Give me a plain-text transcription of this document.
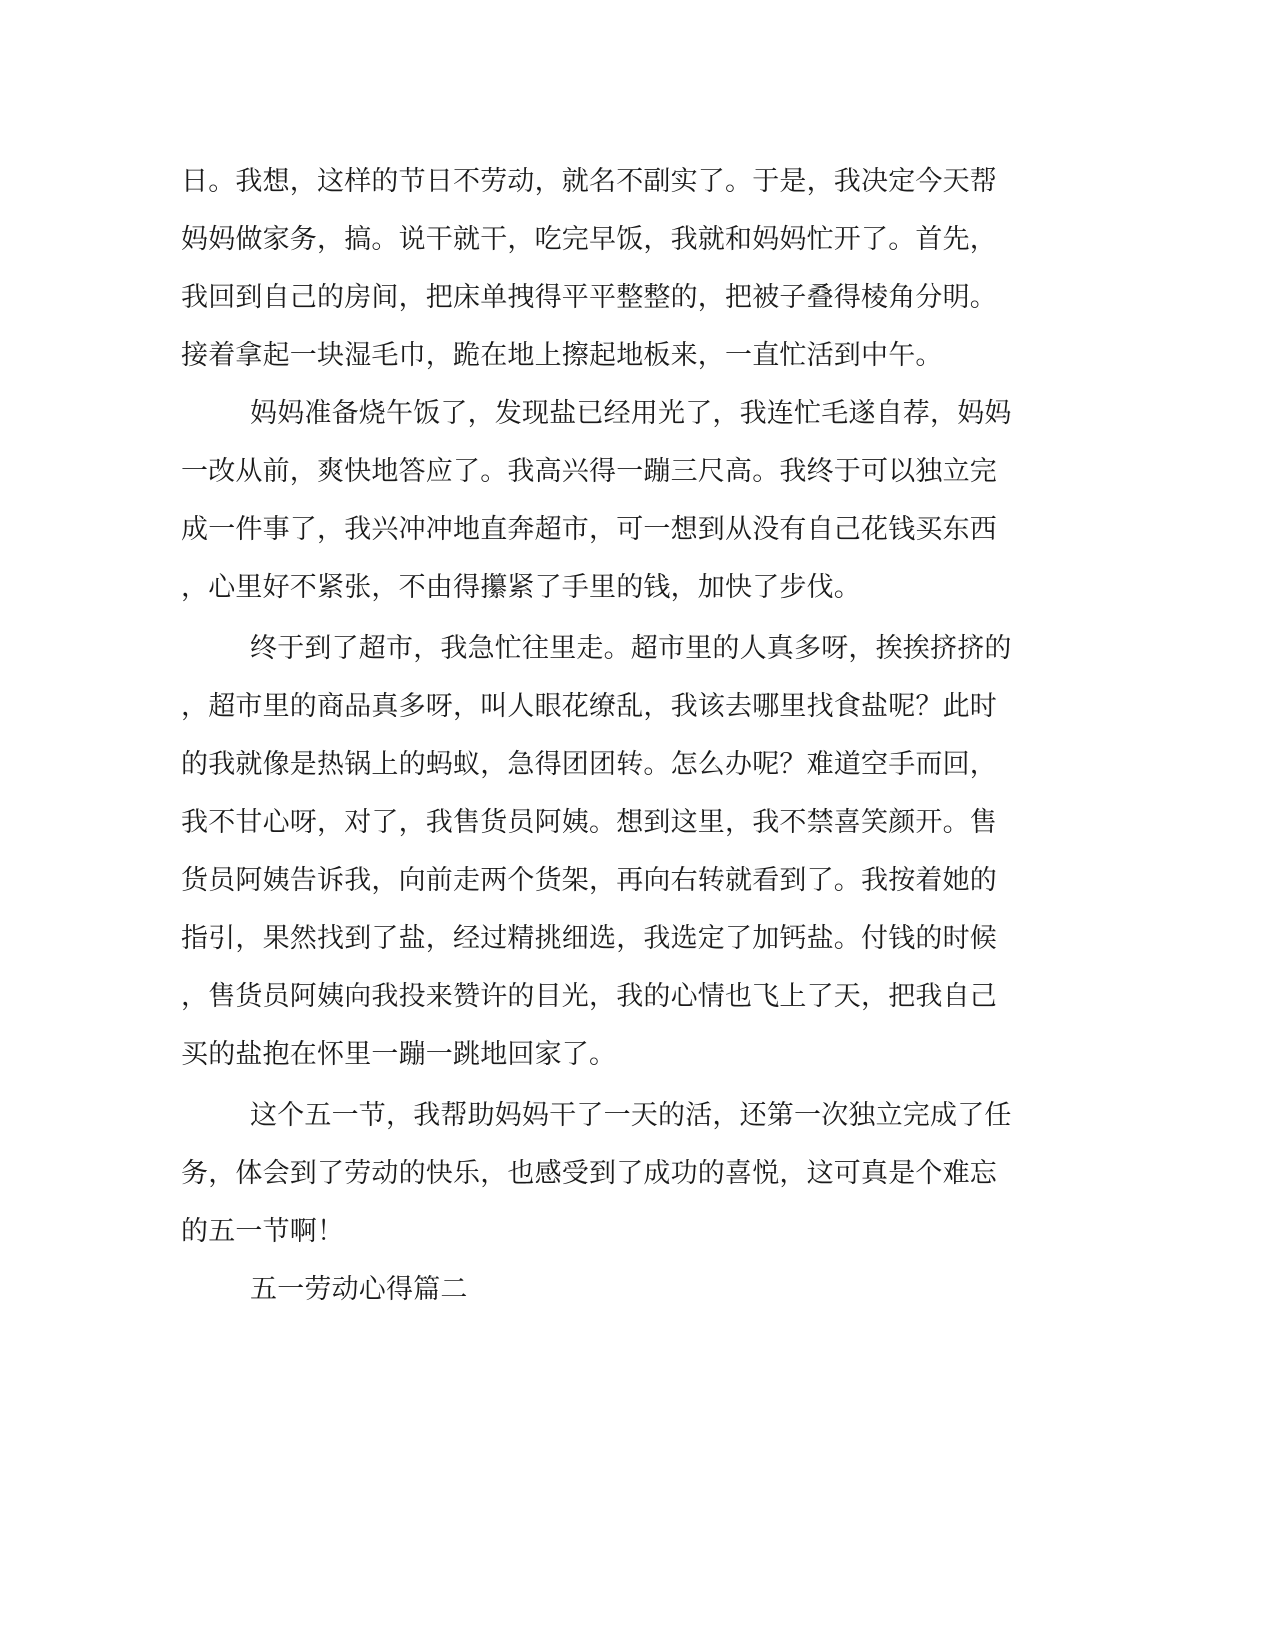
日。我想，这样的节日不劳动，就名不副实了。于是，我决定今天帮
妈妈做家务，搞。说干就干，吃完早饭，我就和妈妈忙开了。首先，
我回到自己的房间，把床单拽得平平整整的，把被子叠得棱角分明。
接着拿起一块湿毛巾，跪在地上擦起地板来，一直忙活到中午。
妈妈准备烧午饭了，发现盐已经用光了，我连忙毛遂自荐，妈妈
一改从前，爽快地答应了。我高兴得一蹦三尺高。我终于可以独立完
成一件事了，我兴冲冲地直奔超市，可一想到从没有自己花钱买东西
，心里好不紧张，不由得攥紧了手里的钱，加快了步伐。
终于到了超市，我急忙往里走。超市里的人真多呀，挨挨挤挤的
，超市里的商品真多呀，叫人眼花缭乱，我该去哪里找食盐呢？此时
的我就像是热锅上的蚂蚁，急得团团转。怎么办呢？难道空手而回，
我不甘心呀，对了，我售货员阿姨。想到这里，我不禁喜笑颜开。售
货员阿姨告诉我，向前走两个货架，再向右转就看到了。我按着她的
指引，果然找到了盐，经过精挑细选，我选定了加钙盐。付钱的时候
，售货员阿姨向我投来赞许的目光，我的心情也飞上了天，把我自己
买的盐抱在怀里一蹦一跳地回家了。
这个五一节，我帮助妈妈干了一天的活，还第一次独立完成了任
务，体会到了劳动的快乐，也感受到了成功的喜悦，这可真是个难忘
的五一节啊！
五一劳动心得篇二
